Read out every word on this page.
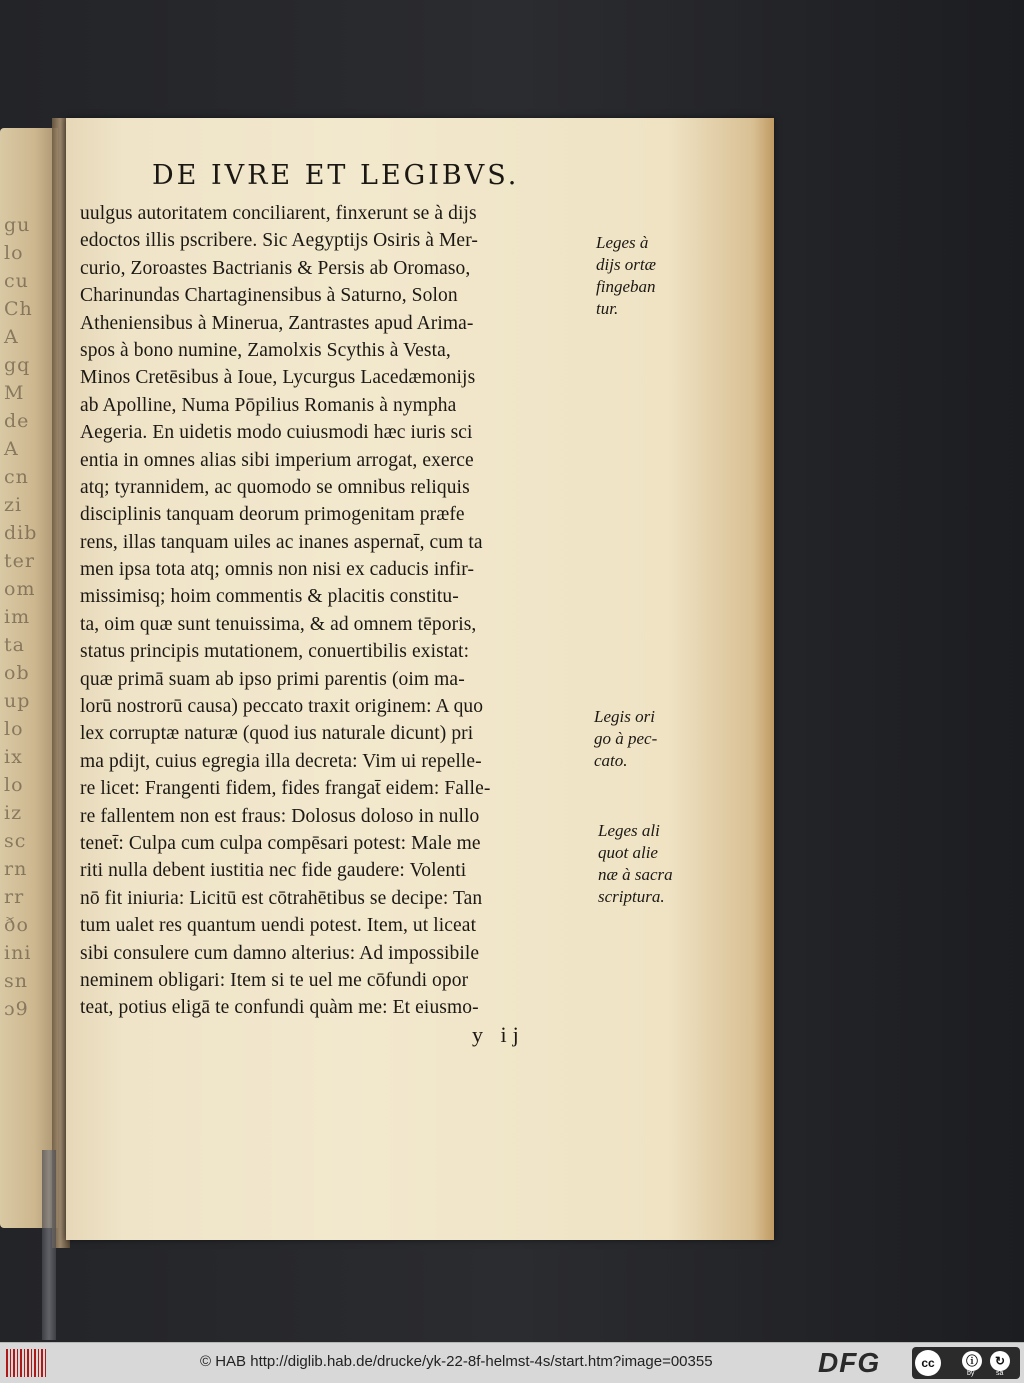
gu
lo
cu
Ch
A
gq
M
de
A
cn
zi
dib
ter
om
im
ta
ob
up
lo
ix
lo
iz
sc
rn
rr
ðo
ini
sn
ɔ9
DE IVRE ET LEGIBVS.
uulgus autoritatem conciliarent, finxerunt se à dijs
edoctos illis pscribere. Sic Aegyptijs Osiris à Mer-
curio, Zoroastes Bactrianis & Persis ab Oromaso,
Charinundas Chartaginensibus à Saturno, Solon
Atheniensibus à Minerua, Zantrastes apud Arima-
spos à bono numine, Zamolxis Scythis à Vesta,
Minos Cretēsibus à Ioue, Lycurgus Lacedæmonijs
ab Apolline, Numa Pōpilius Romanis à nympha
Aegeria. En uidetis modo cuiusmodi hæc iuris sci
entia in omnes alias sibi imperium arrogat, exerce
atq; tyrannidem, ac quomodo se omnibus reliquis
disciplinis tanquam deorum primogenitam præfe
rens, illas tanquam uiles ac inanes aspernat̄, cum ta
men ipsa tota atq; omnis non nisi ex caducis infir-
missimisq; hoim commentis & placitis constitu-
ta, oim quæ sunt tenuissima, & ad omnem tēporis,
status principis mutationem, conuertibilis existat:
quæ primā suam ab ipso primi parentis (oim ma-
lorū nostrorū causa) peccato traxit originem: A quo
lex corruptæ naturæ (quod ius naturale dicunt) pri
ma pdijt, cuius egregia illa decreta: Vim ui repelle-
re licet: Frangenti fidem, fides frangat̄ eidem: Falle-
re fallentem non est fraus: Dolosus doloso in nullo
tenet̄: Culpa cum culpa compēsari potest: Male me
riti nulla debent iustitia nec fide gaudere: Volenti
nō fit iniuria: Licitū est cōtrahētibus se decipe: Tan
tum ualet res quantum uendi potest. Item, ut liceat
sibi consulere cum damno alterius: Ad impossibile
neminem obligari: Item si te uel me cōfundi opor
teat, potius eligā te confundi quàm me: Et eiusmo-
Leges à
dijs ortæ
fingeban
tur.
Legis ori
go à pec-
cato.
Leges ali
quot alie
næ à sacra
scriptura.
y ij
© HAB http://diglib.hab.de/drucke/yk-22-8f-helmst-4s/start.htm?image=00355	DFG	cc	ⓘ	↻
by	sa
